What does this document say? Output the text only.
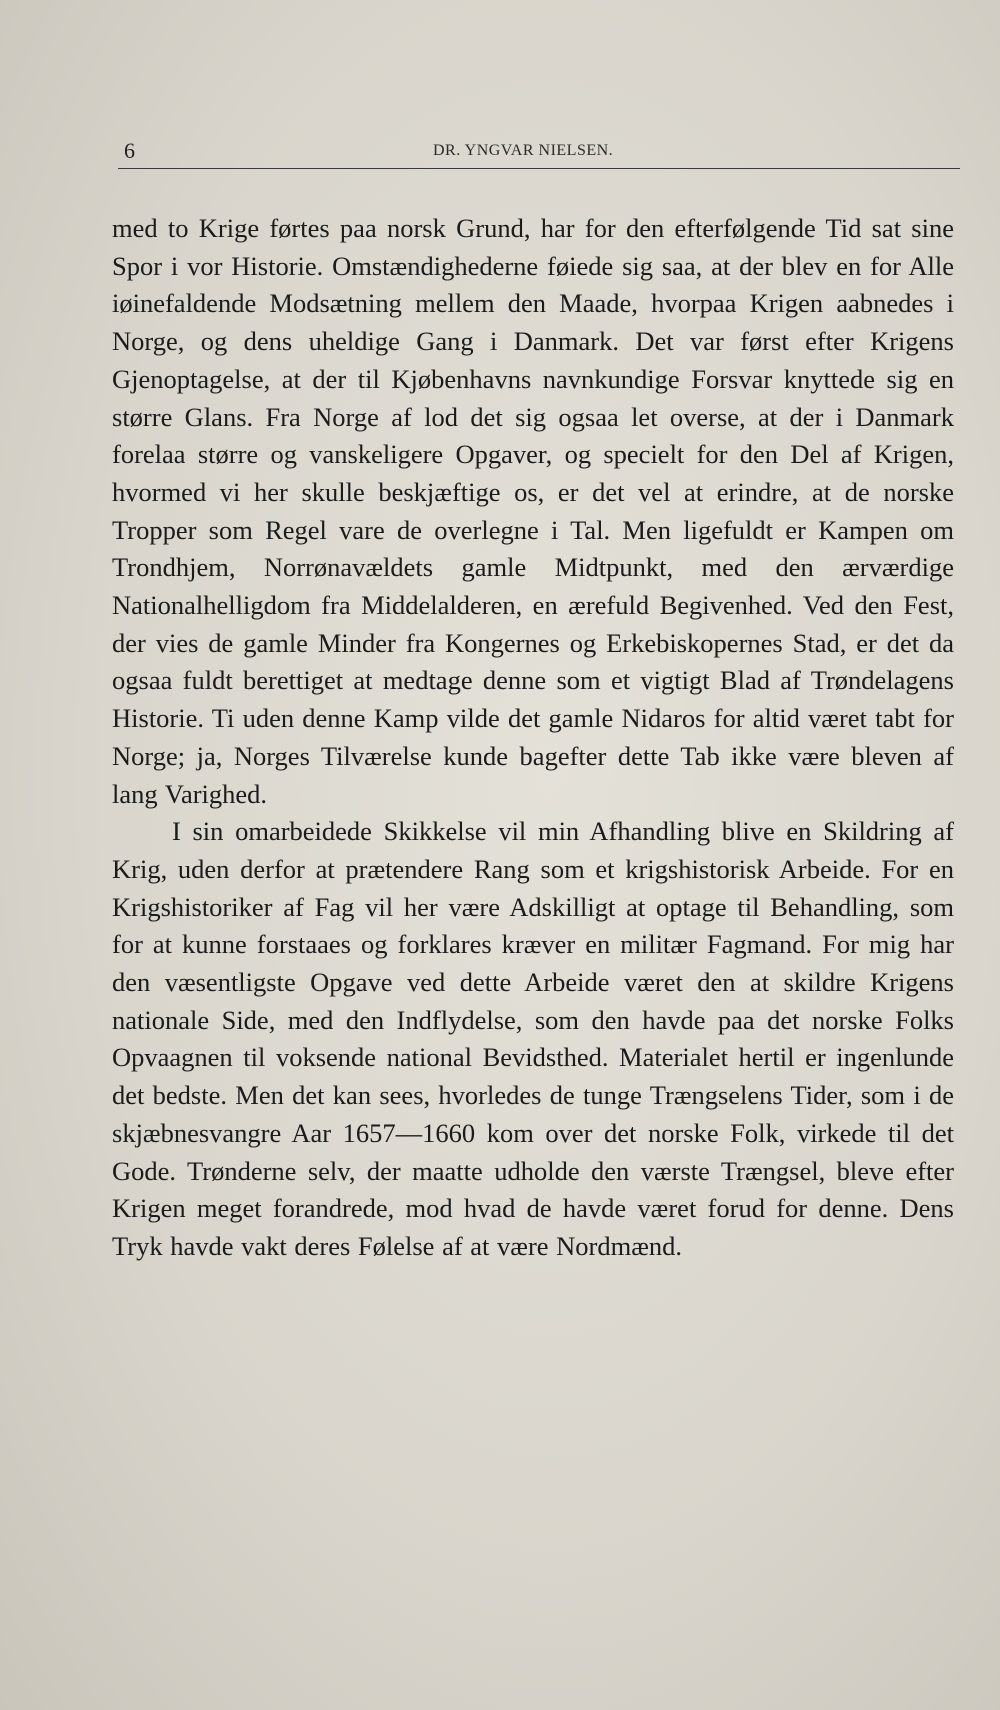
6	DR. YNGVAR NIELSEN.

med to Krige førtes paa norsk Grund, har for den efterfølgende Tid sat sine Spor i vor Historie. Omstændighederne føiede sig saa, at der blev en for Alle iøinefaldende Modsætning mellem den Maade, hvorpaa Krigen aabnedes i Norge, og dens uheldige Gang i Danmark. Det var først efter Krigens Gjenoptagelse, at der til Kjøbenhavns navnkundige Forsvar knyttede sig en større Glans. Fra Norge af lod det sig ogsaa let overse, at der i Danmark forelaa større og vanskeligere Opgaver, og specielt for den Del af Krigen, hvormed vi her skulle beskjæftige os, er det vel at erindre, at de norske Tropper som Regel vare de overlegne i Tal. Men ligefuldt er Kampen om Trondhjem, Norrønavældets gamle Midtpunkt, med den ærværdige Nationalhelligdom fra Middelalderen, en ærefuld Begivenhed. Ved den Fest, der vies de gamle Minder fra Kongernes og Erkebiskopernes Stad, er det da ogsaa fuldt berettiget at medtage denne som et vigtigt Blad af Trøndelagens Historie. Ti uden denne Kamp vilde det gamle Nidaros for altid været tabt for Norge; ja, Norges Tilværelse kunde bagefter dette Tab ikke være bleven af lang Varighed.

I sin omarbeidede Skikkelse vil min Afhandling blive en Skildring af Krig, uden derfor at prætendere Rang som et krigshistorisk Arbeide. For en Krigshistoriker af Fag vil her være Adskilligt at optage til Behandling, som for at kunne forstaaes og forklares kræver en militær Fagmand. For mig har den væsentligste Opgave ved dette Arbeide været den at skildre Krigens nationale Side, med den Indflydelse, som den havde paa det norske Folks Opvaagnen til voksende national Bevidsthed. Materialet hertil er ingenlunde det bedste. Men det kan sees, hvorledes de tunge Trængselens Tider, som i de skjæbnesvangre Aar 1657—1660 kom over det norske Folk, virkede til det Gode. Trønderne selv, der maatte udholde den værste Trængsel, bleve efter Krigen meget forandrede, mod hvad de havde været forud for denne. Dens Tryk havde vakt deres Følelse af at være Nordmænd.
